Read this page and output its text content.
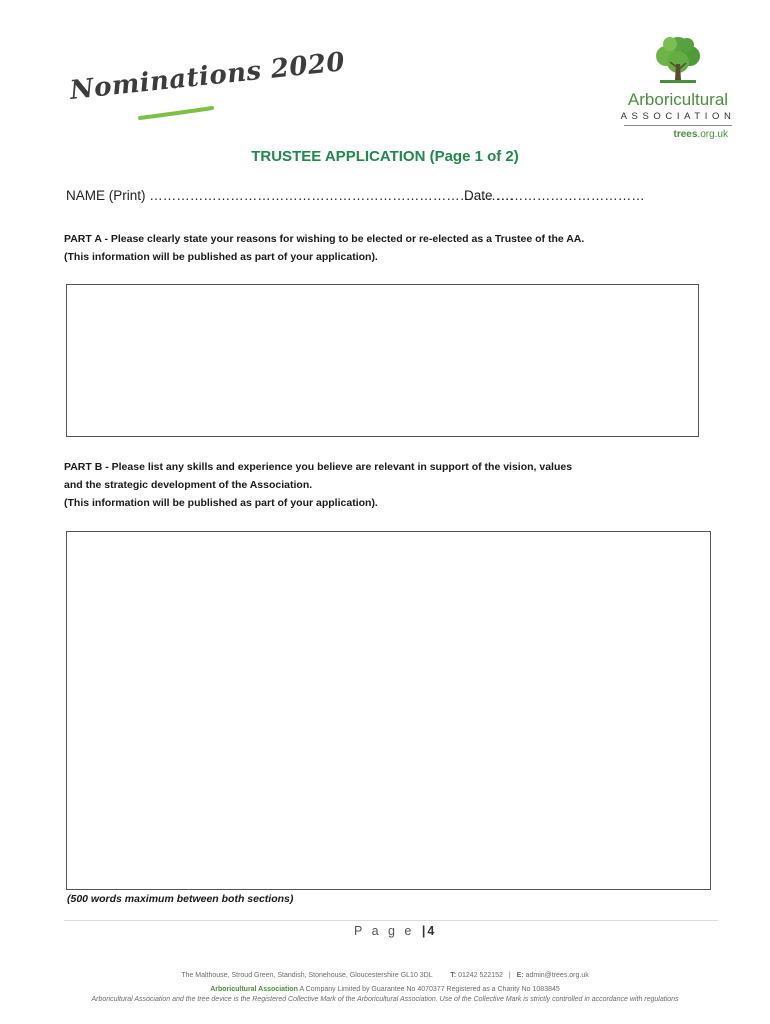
Nominations 2020	Arboricultural
ASSOCIATION
trees.org.uk
TRUSTEE APPLICATION (Page 1 of 2)
NAME (Print) ………………………………………………………………………
Date ……………………………
PART A - Please clearly state your reasons for wishing to be elected or re-elected as a Trustee of the AA.
(This information will be published as part of your application).
PART B - Please list any skills and experience you believe are relevant in support of the vision, values
and the strategic development of the Association.
(This information will be published as part of your application).
(500 words maximum between both sections)
P a g e | 4
The Malthouse, Stroud Green, Standish, Stonehouse, Gloucestershire GL10 3DL	T: 01242 522152 | E: admin@trees.org.uk
Arboricultural Association A Company Limited by Guarantee No 4070377 Registered as a Charity No 1083845
Arboricultural Association and the tree device is the Registered Collective Mark of the Arboricultural Association. Use of the Collective Mark is strictly controlled in accordance with regulations
